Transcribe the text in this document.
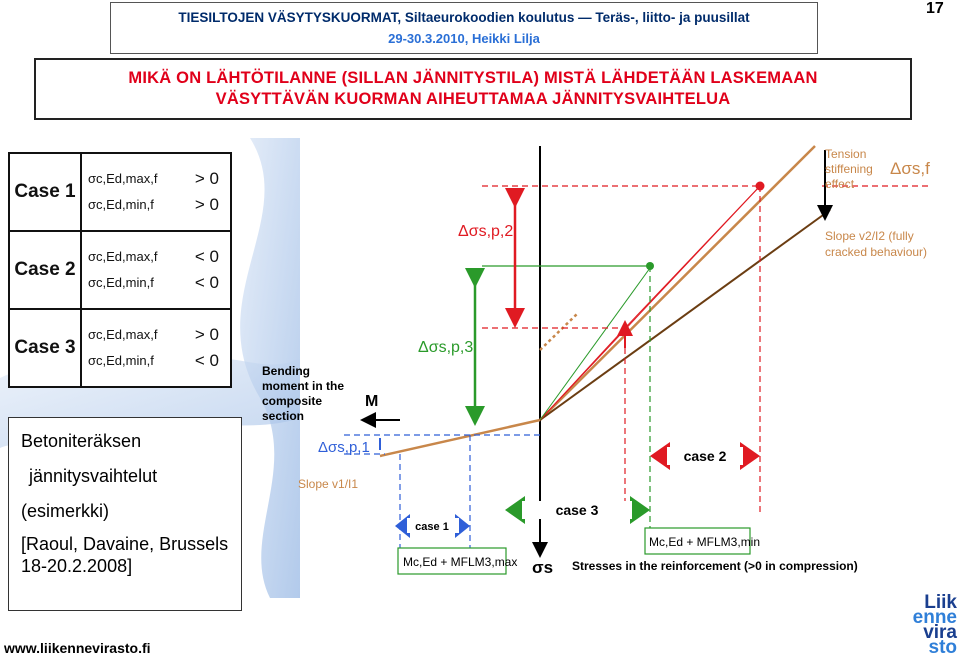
TIESILTOJEN VÄSYTYSKUORMAT, Siltaeurokoodien koulutus — Teräs-, liitto- ja puusillat
29-30.3.2010, Heikki Lilja
17
MIKÄ ON LÄHTÖTILANNE (SILLAN JÄNNITYSTILA) MISTÄ LÄHDETÄÄN LASKEMAAN
VÄSYTTÄVÄN KUORMAN AIHEUTTAMAA JÄNNITYSVAIHTELUA
Case 1	σc,Ed,max,f > 0
σc,Ed,min,f > 0

Case 2	σc,Ed,max,f < 0
σc,Ed,min,f < 0

Case 3	σc,Ed,max,f > 0
σc,Ed,min,f < 0
Betoniteräksen
jännitysvaihtelut
(esimerkki)
[Raoul, Davaine, Brussels 18-20.2.2008]
case 2
case 3
case 1
Mc,Ed + MFLM3,max
Mc,Ed + MFLM3,min
Tension
stiffening
effect
Δσs,f
Slope v2/I2 (fully
cracked behaviour)
Δσs,p,2
Δσs,p,3
Bending
moment in the
composite
section
M
Δσs,p,1
Slope v1/I1
σs Stresses in the reinforcement (>0 in compression)
www.liikennevirasto.fi
Liik
enne
vira
sto
